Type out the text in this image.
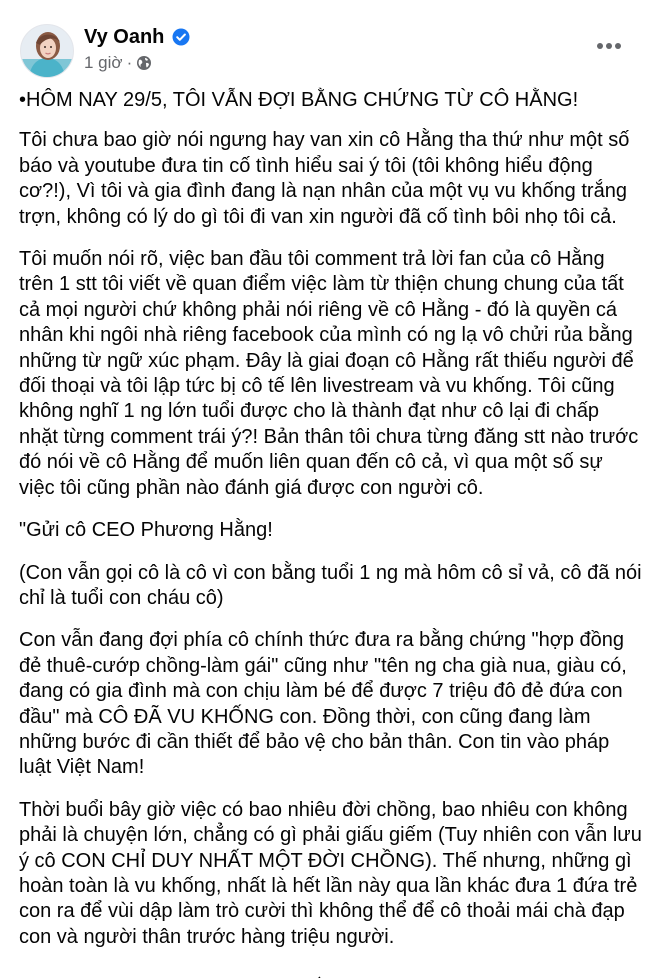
Vy Oanh
1 giờ ·

•HÔM NAY 29/5, TÔI VẪN ĐỢI BẰNG CHỨNG TỪ CÔ HẰNG!

Tôi chưa bao giờ nói ngưng hay van xin cô Hằng tha thứ như một số báo và youtube đưa tin cố tình hiểu sai ý tôi (tôi không hiểu động cơ?!), Vì tôi và gia đình đang là nạn nhân của một vụ vu khống trắng trợn, không có lý do gì tôi đi van xin người đã cố tình bôi nhọ tôi cả.

Tôi muốn nói rõ, việc ban đầu tôi comment trả lời fan của cô Hằng trên 1 stt tôi viết về quan điểm việc làm từ thiện chung chung của tất cả mọi người chứ không phải nói riêng về cô Hằng - đó là quyền cá nhân khi ngôi nhà riêng facebook của mình có ng lạ vô chửi rủa bằng những từ ngữ xúc phạm. Đây là giai đoạn cô Hằng rất thiếu người để đối thoại và tôi lập tức bị cô tế lên livestream và vu khống. Tôi cũng không nghĩ 1 ng lớn tuổi được cho là thành đạt như cô lại đi chấp nhặt từng comment trái ý?! Bản thân tôi chưa từng đăng stt nào trước đó nói về cô Hằng để muốn liên quan đến cô cả, vì qua một số sự việc tôi cũng phần nào đánh giá được con người cô.

"Gửi cô CEO Phương Hằng!

(Con vẫn gọi cô là cô vì con bằng tuổi 1 ng mà hôm cô sỉ vả, cô đã nói chỉ là tuổi con cháu cô)

Con vẫn đang đợi phía cô chính thức đưa ra bằng chứng "hợp đồng đẻ thuê-cướp chồng-làm gái" cũng như "tên ng cha già nua, giàu có, đang có gia đình mà con chịu làm bé để được 7 triệu đô đẻ đứa con đầu" mà CÔ ĐÃ VU KHỐNG con. Đồng thời, con cũng đang làm những bước đi cần thiết để bảo vệ cho bản thân. Con tin vào pháp luật Việt Nam!

Thời buổi bây giờ việc có bao nhiêu đời chồng, bao nhiêu con không phải là chuyện lớn, chẳng có gì phải giấu giếm (Tuy nhiên con vẫn lưu ý cô CON CHỈ DUY NHẤT MỘT ĐỜI CHỒNG). Thế nhưng, những gì hoàn toàn là vu khống, nhất là hết lần này qua lần khác đưa 1 đứa trẻ con ra để vùi dập làm trò cười thì không thể để cô thoải mái chà đạp con và người thân trước hàng triệu người.
